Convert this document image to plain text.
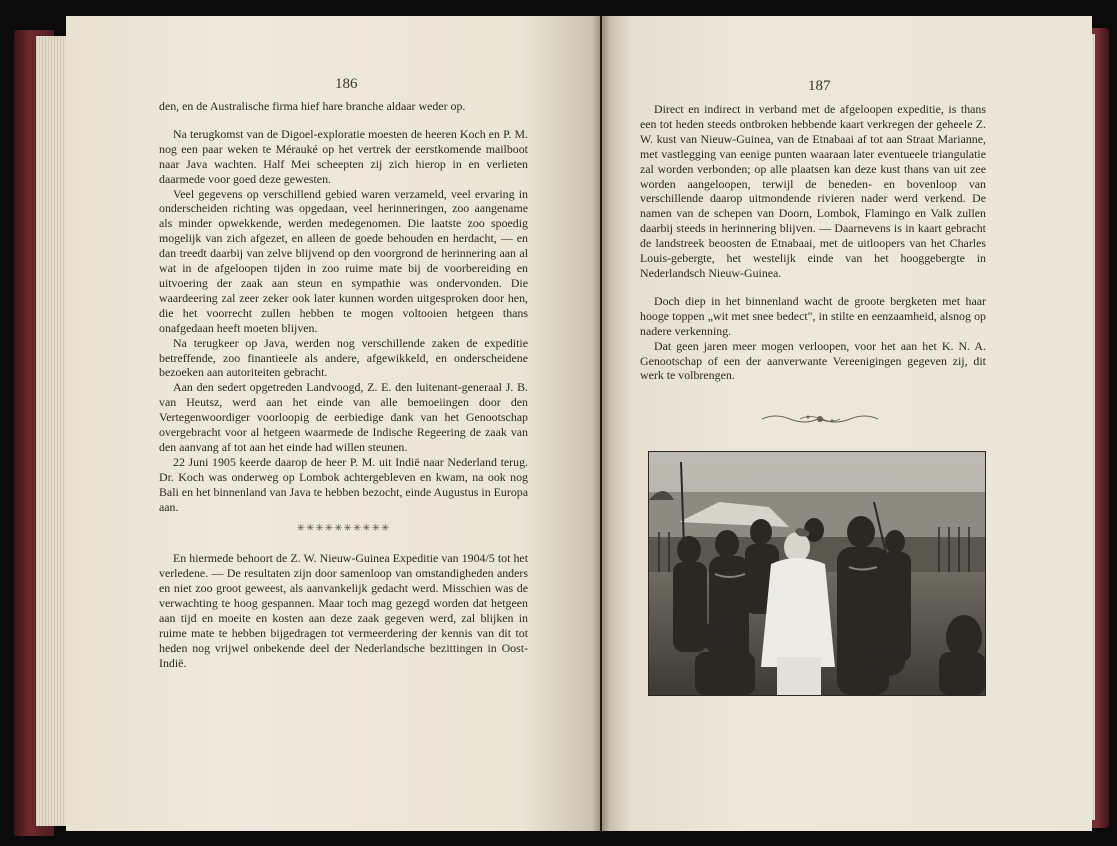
186

den, en de Australische firma hief hare branche aldaar weder op.

Na terugkomst van de Digoel-exploratie moesten de heeren Koch en P. M. nog een paar weken te Mérauké op het vertrek der eerstkomende mailboot naar Java wachten. Half Mei scheepten zij zich hierop in en verlieten daarmede voor goed deze gewesten.

Veel gegevens op verschillend gebied waren verzameld, veel ervaring in onderscheiden richting was opgedaan, veel herinneringen, zoo aangename als minder opwekkende, werden medegenomen. Die laatste zoo spoedig mogelijk van zich afgezet, en alleen de goede behouden en herdacht, — en dan treedt daarbij van zelve blijvend op den voorgrond de herinnering aan al wat in de afgeloopen tijden in zoo ruime mate bij de voorbereiding en uitvoering der zaak aan steun en sympathie was ondervonden. Die waardeering zal zeer zeker ook later kunnen worden uitgesproken door hen, die het voorrecht zullen hebben te mogen voltooien hetgeen thans onafgedaan heeft moeten blijven.

Na terugkeer op Java, werden nog verschillende zaken de expeditie betreffende, zoo finantieele als andere, afgewikkeld, en onderscheidene bezoeken aan autoriteiten gebracht.

Aan den sedert opgetreden Landvoogd, Z. E. den luitenant-generaal J. B. van Heutsz, werd aan het einde van alle bemoeiingen door den Vertegenwoordiger voorloopig de eerbiedige dank van het Genootschap overgebracht voor al hetgeen waarmede de Indische Regeering de zaak van den aanvang af tot aan het einde had willen steunen.

22 Juni 1905 keerde daarop de heer P. M. uit Indië naar Nederland terug. Dr. Koch was onderweg op Lombok achtergebleven en kwam, na ook nog Bali en het binnenland van Java te hebben bezocht, einde Augustus in Europa aan.

✳✳✳✳✳✳✳✳✳✳

En hiermede behoort de Z. W. Nieuw-Guinea Expeditie van 1904/5 tot het verledene. — De resultaten zijn door samenloop van omstandigheden anders en niet zoo groot geweest, als aanvankelijk gedacht werd. Misschien was de verwachting te hoog gespannen. Maar toch mag gezegd worden dat hetgeen aan tijd en moeite en kosten aan deze zaak gegeven werd, zal blijken in ruime mate te hebben bijgedragen tot vermeerdering der kennis van dit tot heden nog vrijwel onbekende deel der Nederlandsche bezittingen in Oost-Indië.

187

Direct en indirect in verband met de afgeloopen expeditie, is thans een tot heden steeds ontbroken hebbende kaart verkregen der geheele Z. W. kust van Nieuw-Guinea, van de Etnabaai af tot aan Straat Marianne, met vastlegging van eenige punten waaraan later eventueele triangulatie zal worden verbonden; op alle plaatsen kan deze kust thans van uit zee worden aangeloopen, terwijl de beneden- en bovenloop van verschillende daarop uitmondende rivieren nader werd verkend. De namen van de schepen van Doorn, Lombok, Flamingo en Valk zullen daarbij steeds in herinnering blijven. — Daarnevens is in kaart gebracht de landstreek beoosten de Etnabaai, met de uitloopers van het Charles Louis-gebergte, het westelijk einde van het hooggebergte in Nederlandsch Nieuw-Guinea.

Doch diep in het binnenland wacht de groote bergketen met haar hooge toppen „wit met snee bedect", in stilte en eenzaamheid, alsnog op nadere verkenning.

Dat geen jaren meer mogen verloopen, voor het aan het K. N. A. Genootschap of een der aanverwante Vereenigingen gegeven zij, dit werk te volbrengen.
